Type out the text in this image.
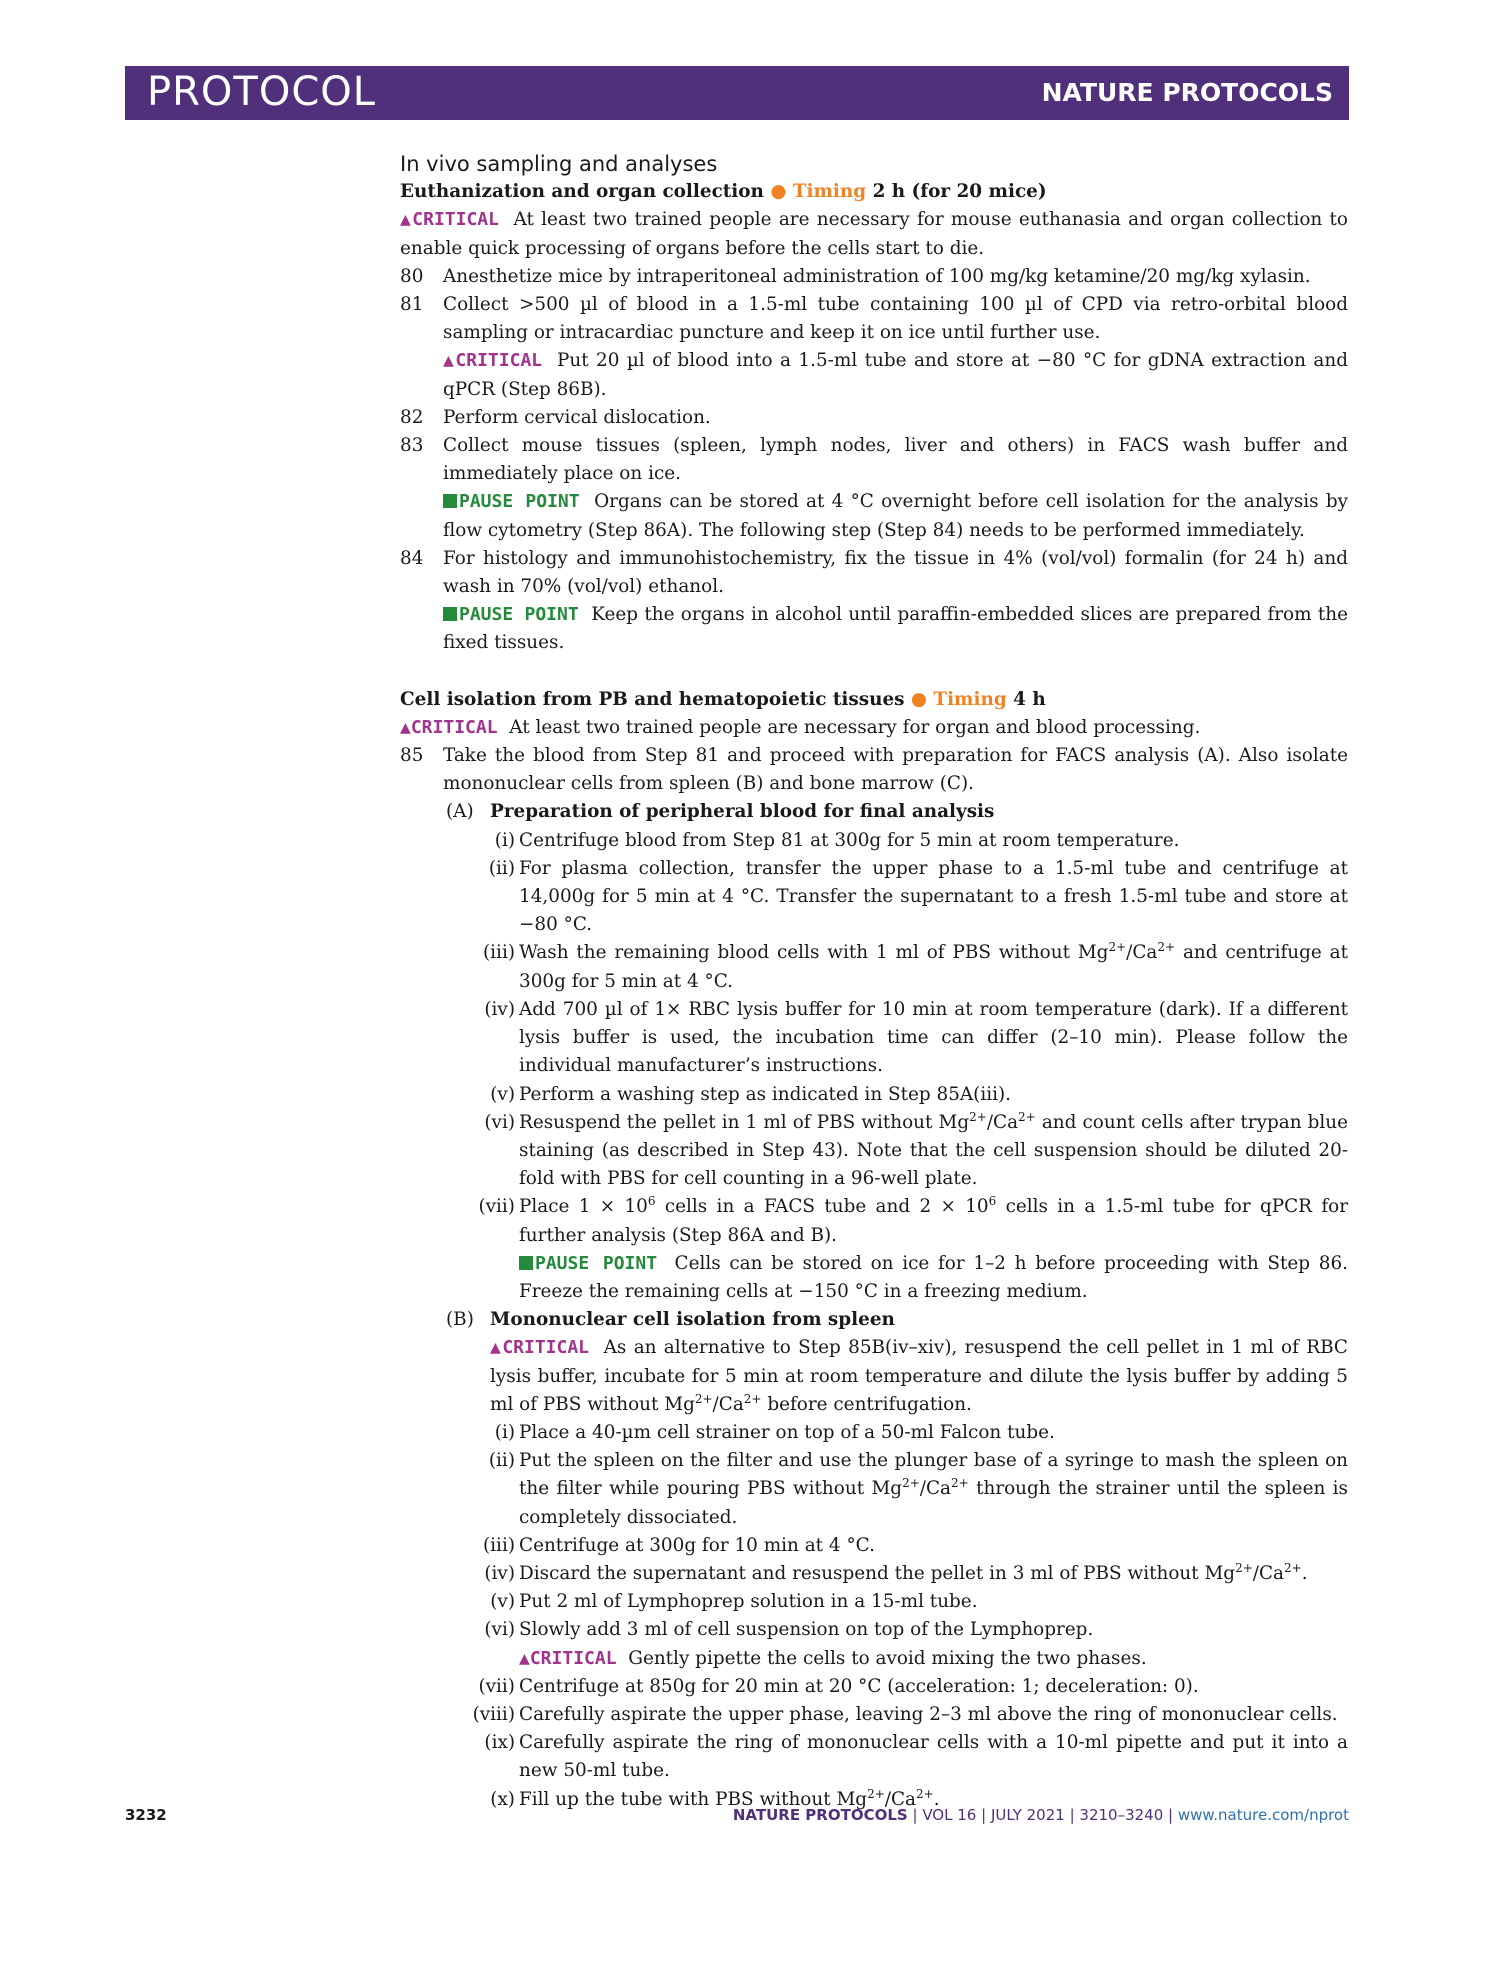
PROTOCOL	NATURE PROTOCOLS

In vivo sampling and analyses

Euthanization and organ collection ● Timing 2 h (for 20 mice)

▲CRITICAL At least two trained people are necessary for mouse euthanasia and organ collection to enable quick processing of organs before the cells start to die.

80 Anesthetize mice by intraperitoneal administration of 100 mg/kg ketamine/20 mg/kg xylasin.

81 Collect >500 µl of blood in a 1.5-ml tube containing 100 µl of CPD via retro-orbital blood sampling or intracardiac puncture and keep it on ice until further use.

▲CRITICAL Put 20 µl of blood into a 1.5-ml tube and store at −80 °C for gDNA extraction and qPCR (Step 86B).

82 Perform cervical dislocation.

83 Collect mouse tissues (spleen, lymph nodes, liver and others) in FACS wash buffer and immediately place on ice.

PAUSE POINT Organs can be stored at 4 °C overnight before cell isolation for the analysis by flow cytometry (Step 86A). The following step (Step 84) needs to be performed immediately.

84 For histology and immunohistochemistry, fix the tissue in 4% (vol/vol) formalin (for 24 h) and wash in 70% (vol/vol) ethanol.

PAUSE POINT Keep the organs in alcohol until paraffin-embedded slices are prepared from the fixed tissues.

Cell isolation from PB and hematopoietic tissues ● Timing 4 h

▲CRITICAL At least two trained people are necessary for organ and blood processing.

85 Take the blood from Step 81 and proceed with preparation for FACS analysis (A). Also isolate mononuclear cells from spleen (B) and bone marrow (C).

(A) Preparation of peripheral blood for final analysis

(i) Centrifuge blood from Step 81 at 300g for 5 min at room temperature.

(ii) For plasma collection, transfer the upper phase to a 1.5-ml tube and centrifuge at 14,000g for 5 min at 4 °C. Transfer the supernatant to a fresh 1.5-ml tube and store at −80 °C.

(iii) Wash the remaining blood cells with 1 ml of PBS without $Mg^{2+}/Ca^{2+}$ and centrifuge at 300g for 5 min at 4 °C.

(iv) Add 700 µl of 1× RBC lysis buffer for 10 min at room temperature (dark). If a different lysis buffer is used, the incubation time can differ (2–10 min). Please follow the individual manufacturer’s instructions.

(v) Perform a washing step as indicated in Step 85A(iii).

(vi) Resuspend the pellet in 1 ml of PBS without $Mg^{2+}/Ca^{2+}$ and count cells after trypan blue staining (as described in Step 43). Note that the cell suspension should be diluted 20-fold with PBS for cell counting in a 96-well plate.

(vii) Place $1 \times 10^6$ cells in a FACS tube and $2 \times 10^6$ cells in a 1.5-ml tube for qPCR for further analysis (Step 86A and B).

PAUSE POINT Cells can be stored on ice for 1–2 h before proceeding with Step 86. Freeze the remaining cells at −150 °C in a freezing medium.

(B) Mononuclear cell isolation from spleen

▲CRITICAL As an alternative to Step 85B(iv–xiv), resuspend the cell pellet in 1 ml of RBC lysis buffer, incubate for 5 min at room temperature and dilute the lysis buffer by adding 5 ml of PBS without $Mg^{2+}/Ca^{2+}$ before centrifugation.

(i) Place a 40-µm cell strainer on top of a 50-ml Falcon tube.

(ii) Put the spleen on the filter and use the plunger base of a syringe to mash the spleen on the filter while pouring PBS without $Mg^{2+}/Ca^{2+}$ through the strainer until the spleen is completely dissociated.

(iii) Centrifuge at 300g for 10 min at 4 °C.

(iv) Discard the supernatant and resuspend the pellet in 3 ml of PBS without $Mg^{2+}/Ca^{2+}$.

(v) Put 2 ml of Lymphoprep solution in a 15-ml tube.

(vi) Slowly add 3 ml of cell suspension on top of the Lymphoprep.

▲CRITICAL Gently pipette the cells to avoid mixing the two phases.

(vii) Centrifuge at 850g for 20 min at 20 °C (acceleration: 1; deceleration: 0).

(viii) Carefully aspirate the upper phase, leaving 2–3 ml above the ring of mononuclear cells.

(ix) Carefully aspirate the ring of mononuclear cells with a 10-ml pipette and put it into a new 50-ml tube.

(x) Fill up the tube with PBS without $Mg^{2+}/Ca^{2+}$.

3232	NATURE PROTOCOLS | VOL 16 | JULY 2021 | 3210–3240 | www.nature.com/nprot
